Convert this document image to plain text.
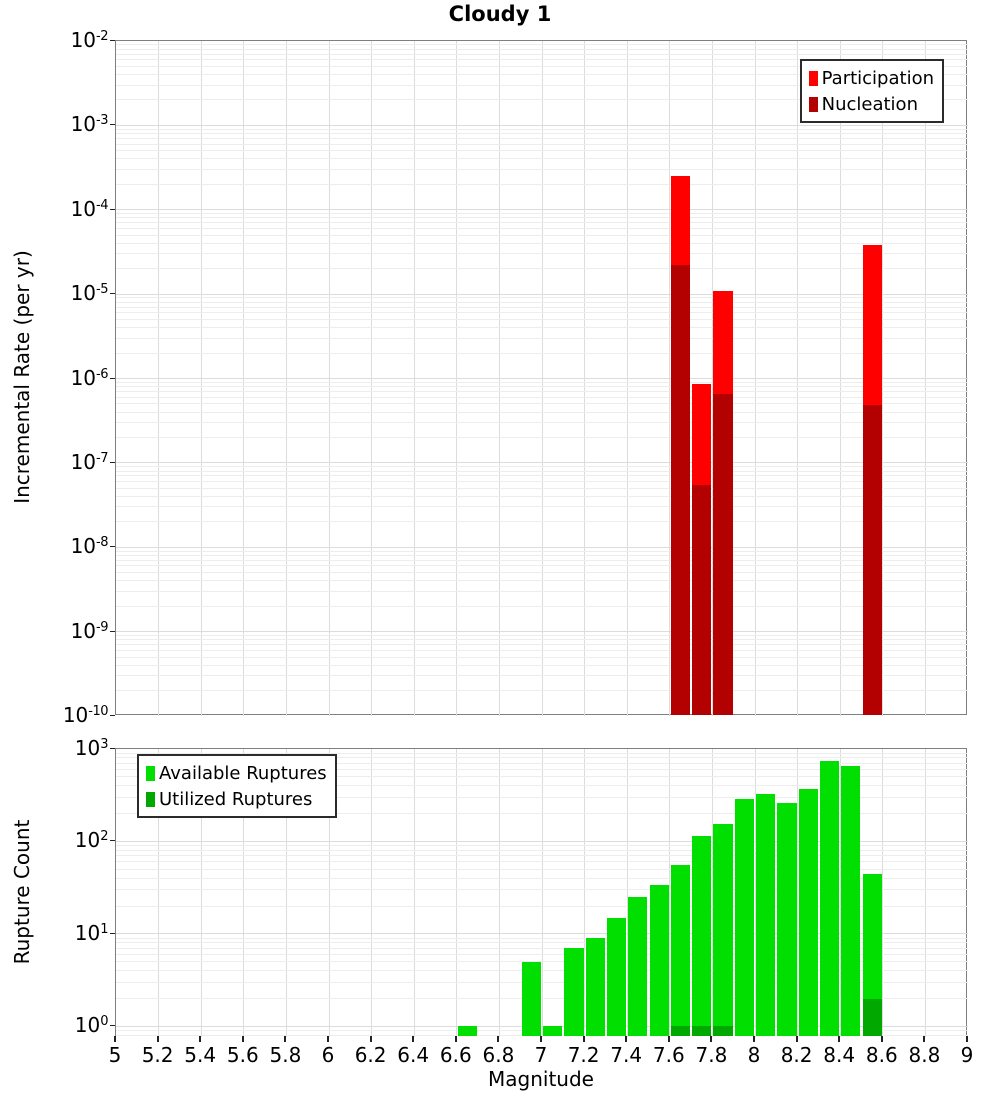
Cloudy 1
Incremental Rate (per yr)
Rupture Count
Magnitude
Participation
Nucleation
Available Ruptures
Utilized Ruptures
$10^{-2}$
$10^{-3}$
$10^{-4}$
$10^{-5}$
$10^{-6}$
$10^{-7}$
$10^{-8}$
$10^{-9}$
$10^{-10}$
$10^3$
$10^2$
$10^1$
$10^0$
5 5.2 5.4 5.6 5.8 6 6.2 6.4 6.6 6.8 7 7.2 7.4 7.6 7.8 8 8.2 8.4 8.6 8.8 9
